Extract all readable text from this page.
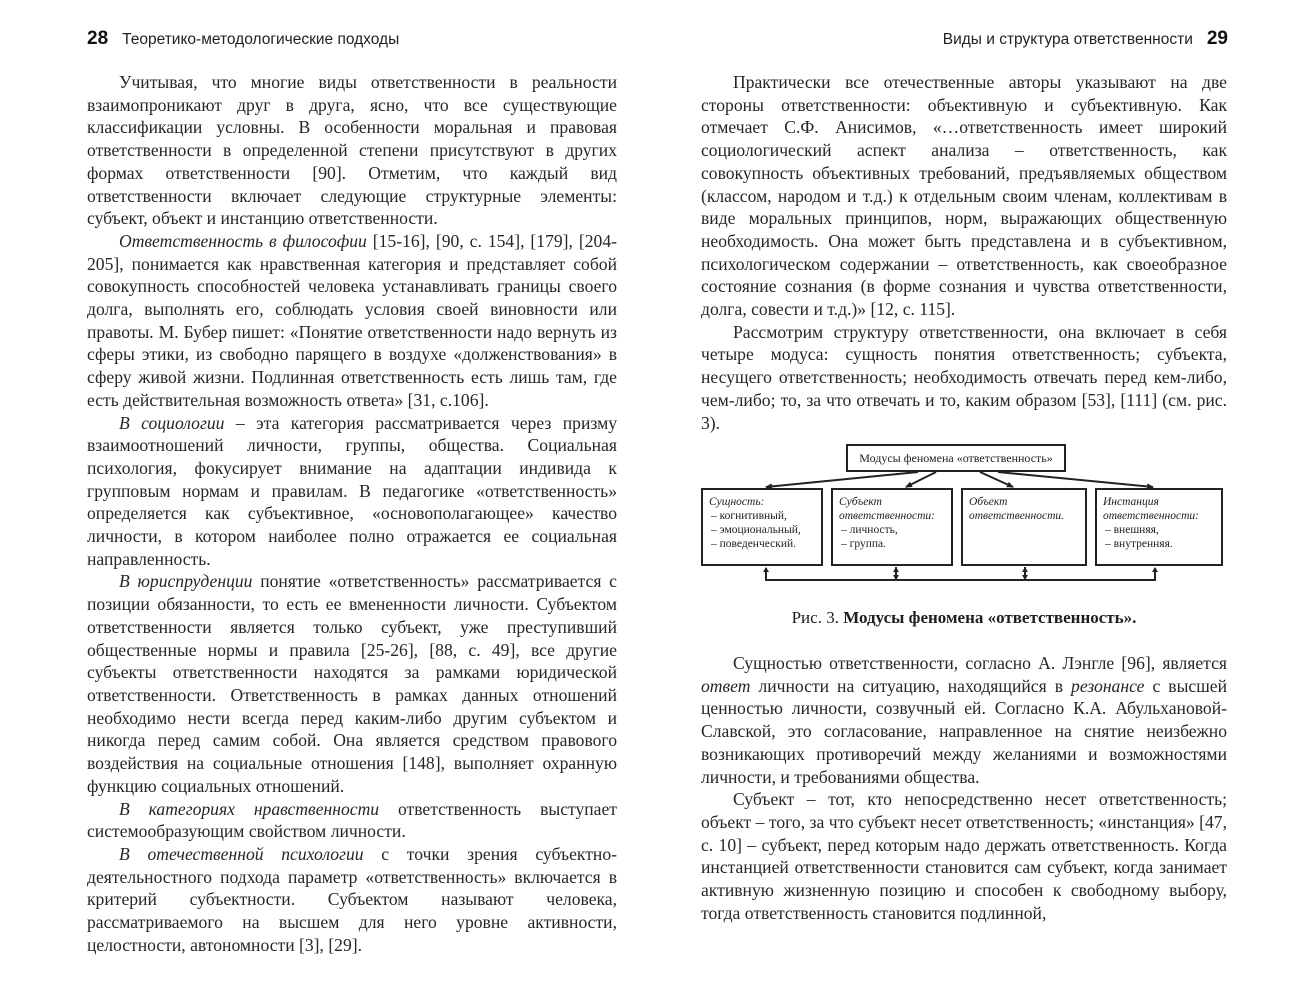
28 Теоретико-методологические подходы

Учитывая, что многие виды ответственности в реальности взаимопроникают друг в друга, ясно, что все существующие классификации условны. В особенности моральная и правовая ответственности в определенной степени присутствуют в других формах ответственности [90]. Отметим, что каждый вид ответственности включает следующие структурные элементы: субъект, объект и инстанцию ответственности.

Ответственность в философии [15-16], [90, с. 154], [179], [204-205], понимается как нравственная категория и представляет собой совокупность способностей человека устанавливать границы своего долга, выполнять его, соблюдать условия своей виновности или правоты. М. Бубер пишет: «Понятие ответственности надо вернуть из сферы этики, из свободно парящего в воздухе «долженствования» в сферу живой жизни. Подлинная ответственность есть лишь там, где есть действительная возможность ответа» [31, с.106].

В социологии – эта категория рассматривается через призму взаимоотношений личности, группы, общества. Социальная психология, фокусирует внимание на адаптации индивида к групповым нормам и правилам. В педагогике «ответственность» определяется как субъективное, «основополагающее» качество личности, в котором наиболее полно отражается ее социальная направленность.

В юриспруденции понятие «ответственность» рассматривается с позиции обязанности, то есть ее вмененности личности. Субъектом ответственности является только субъект, уже преступивший общественные нормы и правила [25-26], [88, с. 49], все другие субъекты ответственности находятся за рамками юридической ответственности. Ответственность в рамках данных отношений необходимо нести всегда перед каким-либо другим субъектом и никогда перед самим собой. Она является средством правового воздействия на социальные отношения [148], выполняет охранную функцию социальных отношений.

В категориях нравственности ответственность выступает системообразующим свойством личности.

В отечественной психологии с точки зрения субъектно-деятельностного подхода параметр «ответственность» включается в критерий субъектности. Субъектом называют человека, рассматриваемого на высшем для него уровне активности, целостности, автономности [3], [29].

Виды и структура ответственности 29

Практически все отечественные авторы указывают на две стороны ответственности: объективную и субъективную. Как отмечает С.Ф. Анисимов, «…ответственность имеет широкий социологический аспект анализа – ответственность, как совокупность объективных требований, предъявляемых обществом (классом, народом и т.д.) к отдельным своим членам, коллективам в виде моральных принципов, норм, выражающих общественную необходимость. Она может быть представлена и в субъективном, психологическом содержании – ответственность, как своеобразное состояние сознания (в форме сознания и чувства ответственности, долга, совести и т.д.)» [12, с. 115].

Рассмотрим структуру ответственности, она включает в себя четыре модуса: сущность понятия ответственность; субъекта, несущего ответственность; необходимость отвечать перед кем-либо, чем-либо; то, за что отвечать и то, каким образом [53], [111] (см. рис. 3).

Модусы феномена «ответственность»
Сущность:
– когнитивный,
– эмоциональный,
– поведенческий.
Субъект ответственности:
– личность,
– группа.
Объект ответственности.
Инстанция ответственности:
– внешняя,
– внутренняя.
Рис. 3. Модусы феномена «ответственность».

Сущностью ответственности, согласно А. Лэнгле [96], является ответ личности на ситуацию, находящийся в резонансе с высшей ценностью личности, созвучный ей. Согласно К.А. Абульхановой-Славской, это согласование, направленное на снятие неизбежно возникающих противоречий между желаниями и возможностями личности, и требованиями общества.

Субъект – тот, кто непосредственно несет ответственность; объект – того, за что субъект несет ответственность; «инстанция» [47, с. 10] – субъект, перед которым надо держать ответственность. Когда инстанцией ответственности становится сам субъект, когда занимает активную жизненную позицию и способен к свободному выбору, тогда ответственность становится подлинной,
